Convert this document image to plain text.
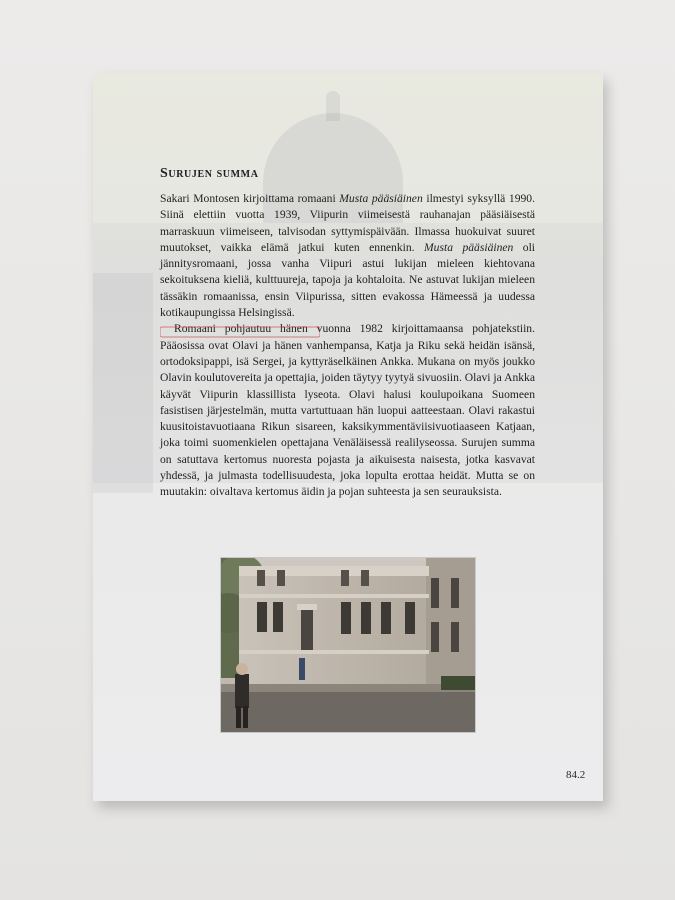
Surujen summa

Sakari Montosen kirjoittama romaani Musta pääsiäinen ilmestyi syksyllä 1990. Siinä elettiin vuotta 1939, Viipurin viimeisestä rauhanajan pääsiäisestä marraskuun viimeiseen, talvisodan syttymispäivään. Ilmassa huokuivat suuret muutokset, vaikka elämä jatkui kuten ennenkin. Musta pääsiäinen oli jännitysromaani, jossa vanha Viipuri astui lukijan mieleen kiehtovana sekoituksena kieliä, kulttuureja, tapoja ja kohtaloita. Ne astuvat lukijan mieleen tässäkin romaanissa, ensin Viipurissa, sitten evakossa Hämeessä ja uudessa kotikaupungissa Helsingissä.

Romaani pohjautuu hänen vuonna 1982 kirjoittamaansa pohjatekstiin. Pääosissa ovat Olavi ja hänen vanhempansa, Katja ja Riku sekä heidän isänsä, ortodoksipappi, isä Sergei, ja kyttyräselkäinen Ankka. Mukana on myös joukko Olavin koulutovereita ja opettajia, joiden täytyy tyytyä sivuosiin. Olavi ja Ankka käyvät Viipurin klassillista lyseota. Olavi halusi koulupoikana Suomeen fasistisen järjestelmän, mutta vartuttuaan hän luopui aatteestaan. Olavi rakastui kuusitoistavuotiaana Rikun sisareen, kaksikymmentäviisivuotiaaseen Katjaan, joka toimi suomenkielen opettajana Venäläisessä realilyseossa. Surujen summa on satuttava kertomus nuoresta pojasta ja aikuisesta naisesta, jotka kasvavat yhdessä, ja julmasta todellisuudesta, joka lopulta erottaa heidät. Mutta se on muutakin: oivaltava kertomus äidin ja pojan suhteesta ja sen seurauksista.

84.2
